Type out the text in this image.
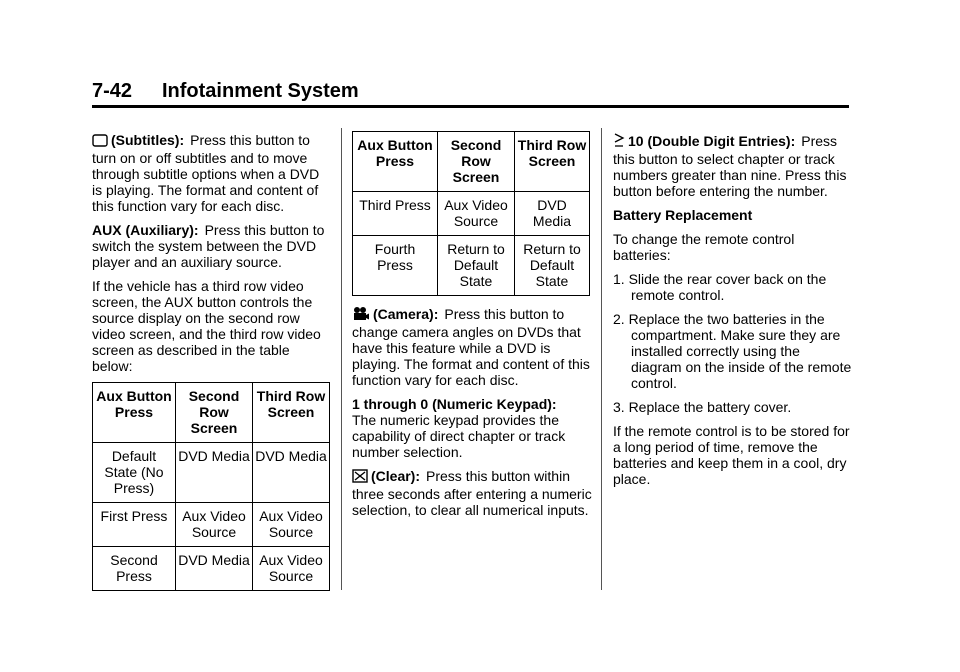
7-42 Infotainment System

(Subtitles): Press this button to turn on or off subtitles and to move through subtitle options when a DVD is playing. The format and content of this function vary for each disc.

AUX (Auxiliary): Press this button to switch the system between the DVD player and an auxiliary source.

If the vehicle has a third row video screen, the AUX button controls the source display on the second row video screen, and the third row video screen as described in the table below:

Aux Button Press	Second Row Screen	Third Row Screen
Default State (No Press)	DVD Media	DVD Media
First Press	Aux Video Source	Aux Video Source
Second Press	DVD Media	Aux Video Source
Aux Button Press	Second Row Screen	Third Row Screen
Third Press	Aux Video Source	DVD Media
Fourth Press	Return to Default State	Return to Default State

(Camera): Press this button to change camera angles on DVDs that have this feature while a DVD is playing. The format and content of this function vary for each disc.

1 through 0 (Numeric Keypad):
The numeric keypad provides the capability of direct chapter or track number selection.

(Clear): Press this button within three seconds after entering a numeric selection, to clear all numerical inputs.

10 (Double Digit Entries): Press this button to select chapter or track numbers greater than nine. Press this button before entering the number.

Battery Replacement

To change the remote control batteries:

1. Slide the rear cover back on the remote control.
2. Replace the two batteries in the compartment. Make sure they are installed correctly using the diagram on the inside of the remote control.
3. Replace the battery cover.

If the remote control is to be stored for a long period of time, remove the batteries and keep them in a cool, dry place.
